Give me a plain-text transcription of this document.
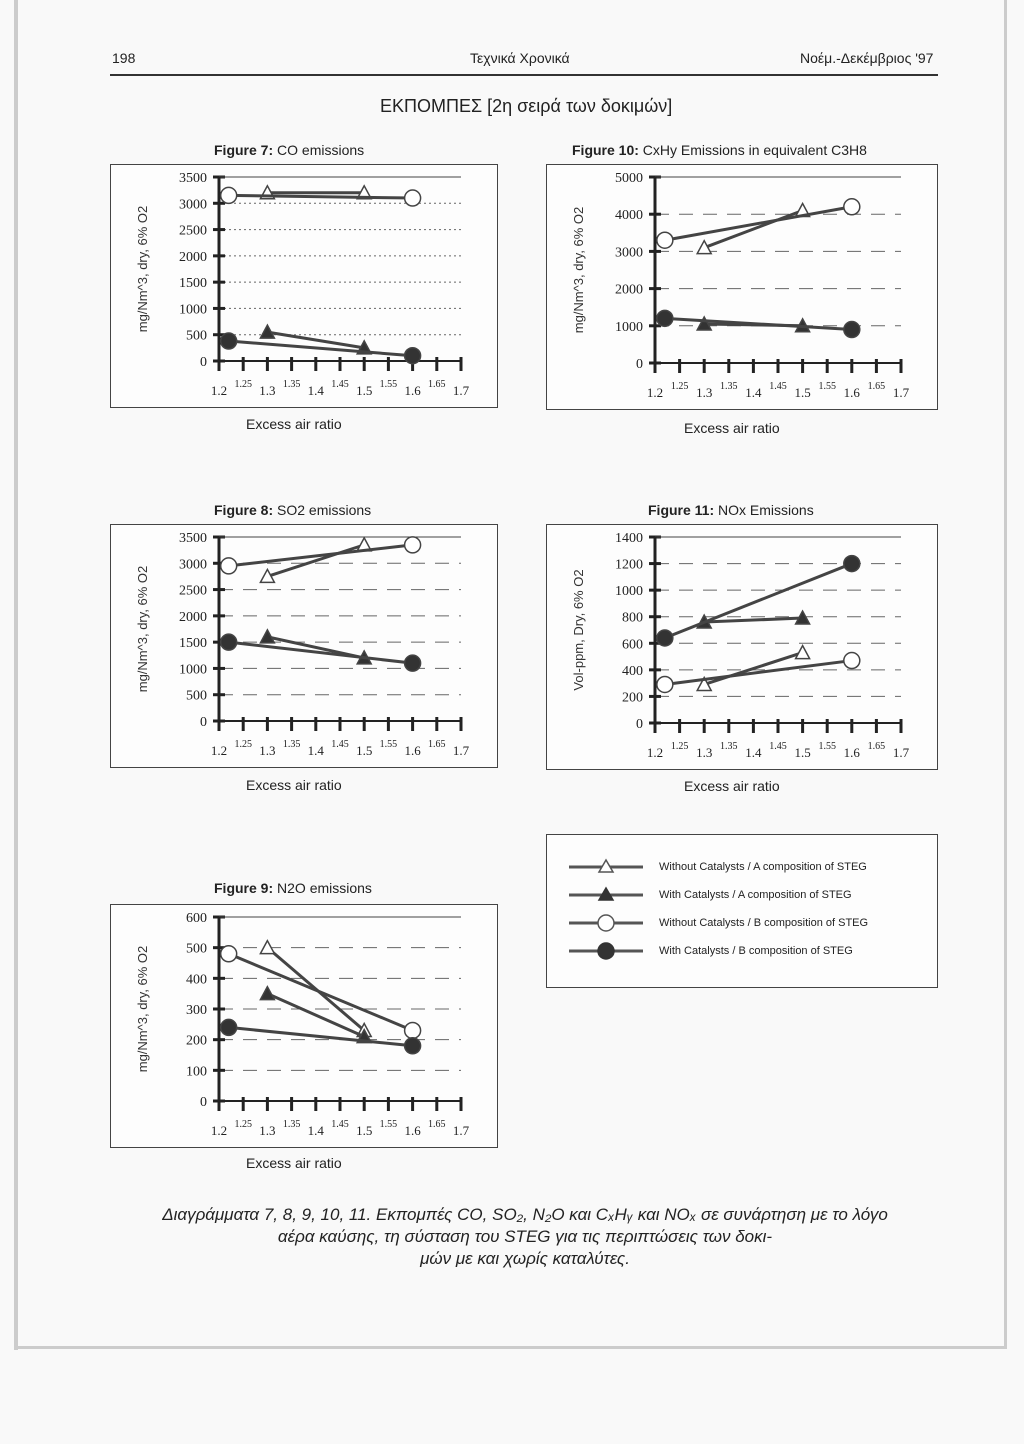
198	Τεχνικά Χρονικά	Νοέμ.-Δεκέμβριος '97
ΕΚΠΟΜΠΕΣ [2η σειρά των δοκιμών]
Figure 7: CO emissions
mg/Nm^3, dry, 6% O2
0
500
1000
1500
2000
2500
3000
3500
1.2 1.3 1.4 1.5 1.6 1.7
1.25	1.35	1.45	1.55	1.65
Excess air ratio
Figure 10: CxHy Emissions in equivalent C3H8
mg/Nm^3, dry, 6% O2
0
1000
2000
3000
4000
5000
1.2	1.3	1.4	1.5	1.6	1.7
1.25	1.35	1.45	1.55	1.65
Excess air ratio
Figure 8: SO2 emissions
mg/Nm^3, dry, 6% O2
0
500
1000
1500
2000
2500
3000
3500
1.2 1.3 1.4 1.5 1.6 1.7
1.25	1.35	1.45	1.55	1.65
Excess air ratio
Figure 11: NOx Emissions
Vol-ppm, Dry, 6% O2
0
200
400
600
800
1000
1200
1400
1.2	1.3	1.4	1.5	1.6	1.7
1.25	1.35	1.45	1.55	1.65
Excess air ratio
Figure 9: N2O emissions
mg/Nm^3, dry, 6% O2
0
100
200
300
400
500
600
1.2 1.3 1.4 1.5 1.6 1.7
1.25	1.35	1.45	1.55	1.65
Excess air ratio
Without Catalysts / A composition of STEG
With Catalysts / A composition of STEG
Without Catalysts / B composition of STEG
With Catalysts / B composition of STEG
Διαγράμματα 7, 8, 9, 10, 11. Εκπομπές CO, SO₂, N₂O και CₓHᵧ και NOₓ σε συνάρτηση με το λόγο
αέρα καύσης, τη σύσταση του STEG για τις περιπτώσεις των δοκι-
μών με και χωρίς καταλύτες.
